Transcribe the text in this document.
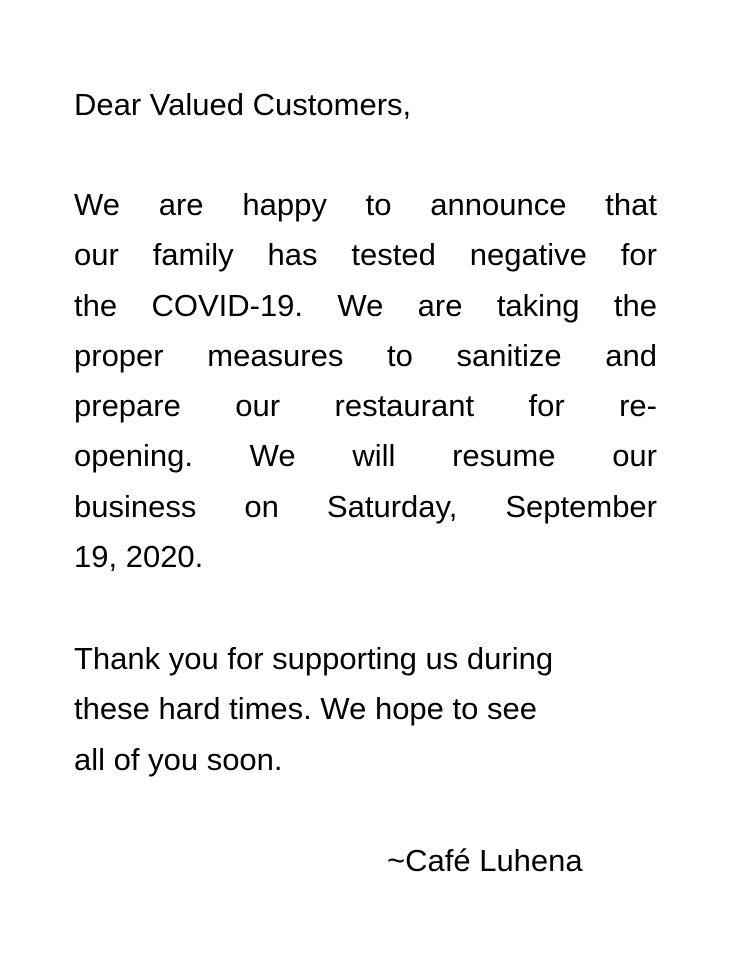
Dear Valued Customers,
We are happy to announce that
our family has tested negative for
the COVID-19. We are taking the
proper measures to sanitize and
prepare our restaurant for re-
opening. We will resume our
business on Saturday, September
19, 2020.
Thank you for supporting us during
these hard times. We hope to see
all of you soon.
~Café Luhena
